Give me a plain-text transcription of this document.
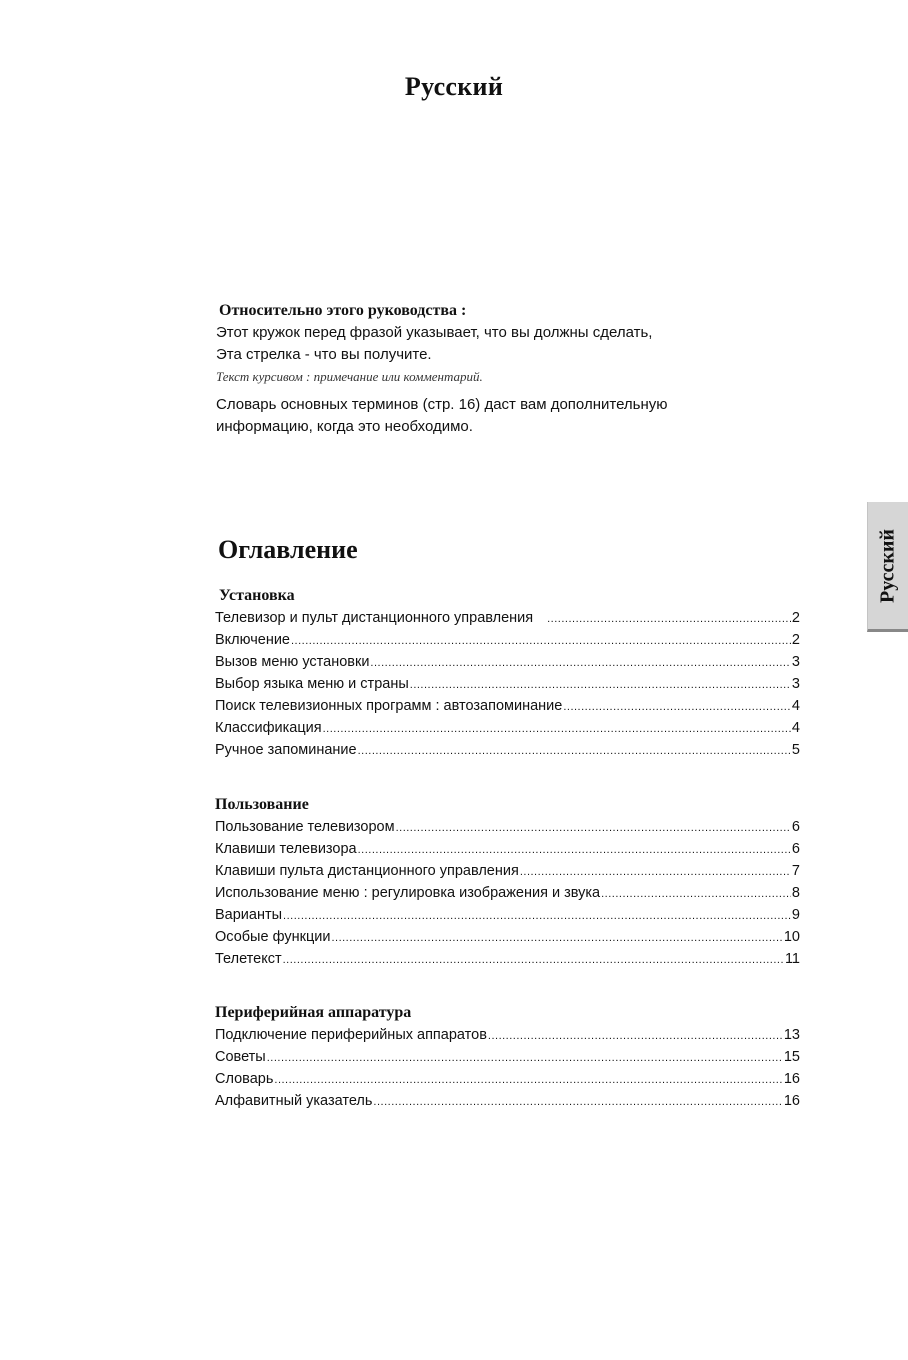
Русский
Относительно этого руководства :
Этот кружок перед фразой указывает, что вы должны сделать,
Эта стрелка - что вы получите.
Текст курсивом : примечание или комментарий.
Словарь основных терминов (стр. 16) даст вам дополнительную
информацию, когда это необходимо.
Оглавление
Установка
Телевизор и пульт дистанционного управления .....	2
Включение .....	2
Вызов меню установки .....	3
Выбор языка меню и страны .....	3
Поиск телевизионных программ : автозапоминание .....	4
Классификация .....	4
Ручное запоминание .....	5
Пользование
Пользование телевизором .....	6
Клавиши телевизора .....	6
Клавиши пульта дистанционного управления .....	7
Использование меню : регулировка изображения и звука .....	8
Варианты .....	9
Особые функции .....	10
Телетекст .....	11
Периферийная аппаратура
Подключение периферийных аппаратов .....	13
Советы .....	15
Словарь .....	16
Алфавитный указатель .....	16
Русский
